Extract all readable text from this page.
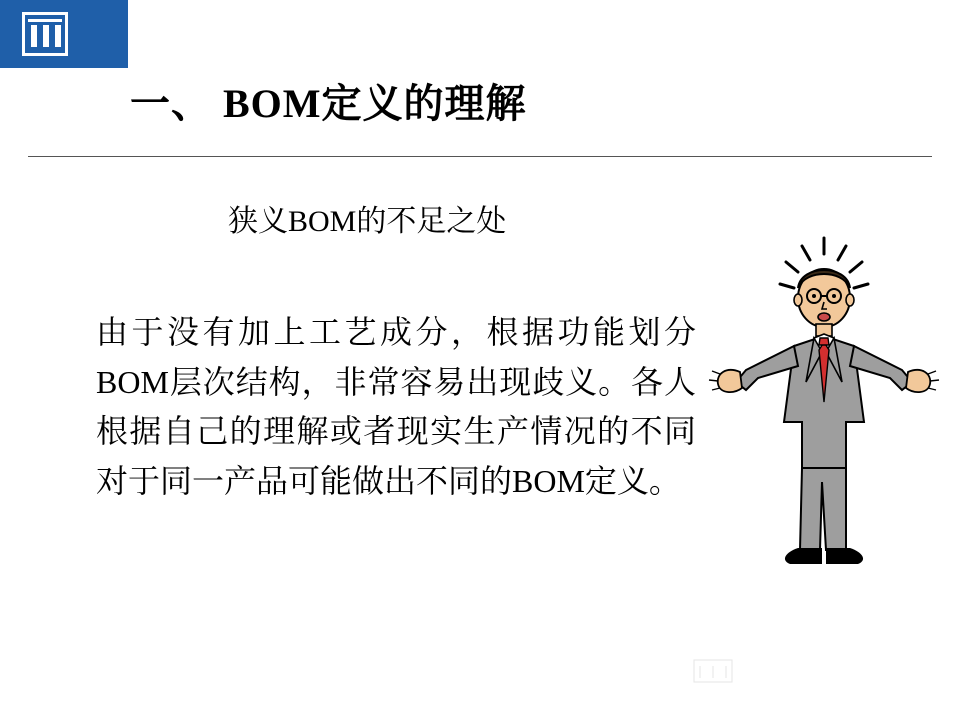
一、 BOM定义的理解
狭义BOM的不足之处
由于没有加上工艺成分，根据功能划分BOM层次结构，非常容易出现歧义。各人根据自己的理解或者现实生产情况的不同对于同一产品可能做出不同的BOM定义。
